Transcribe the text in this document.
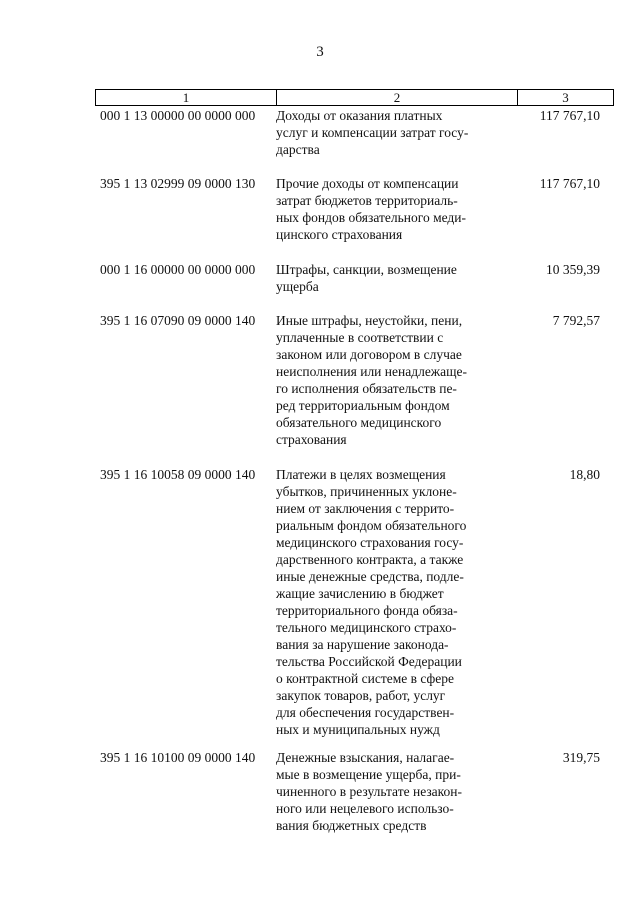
3
1	2	3
000 1 13 00000 00 0000 000 Доходы от оказания платных
услуг и компенсации затрат госу-
дарства
117 767,10
395 1 13 02999 09 0000 130 Прочие доходы от компенсации
затрат бюджетов территориаль-
ных фондов обязательного меди-
цинского страхования
117 767,10
000 1 16 00000 00 0000 000 Штрафы, санкции, возмещение
ущерба
10 359,39
395 1 16 07090 09 0000 140 Иные штрафы, неустойки, пени,
уплаченные в соответствии с
законом или договором в случае
неисполнения или ненадлежаще-
го исполнения обязательств пе-
ред территориальным фондом
обязательного медицинского
страхования
7 792,57
395 1 16 10058 09 0000 140 Платежи в целях возмещения
убытков, причиненных уклоне-
нием от заключения с террито-
риальным фондом обязательного
медицинского страхования госу-
дарственного контракта, а также
иные денежные средства, подле-
жащие зачислению в бюджет
территориального фонда обяза-
тельного медицинского страхо-
вания за нарушение законода-
тельства Российской Федерации
о контрактной системе в сфере
закупок товаров, работ, услуг
для обеспечения государствен-
ных и муниципальных нужд
18,80
395 1 16 10100 09 0000 140 Денежные взыскания, налагае-
мые в возмещение ущерба, при-
чиненного в результате незакон-
ного или нецелевого использо-
вания бюджетных средств
319,75
